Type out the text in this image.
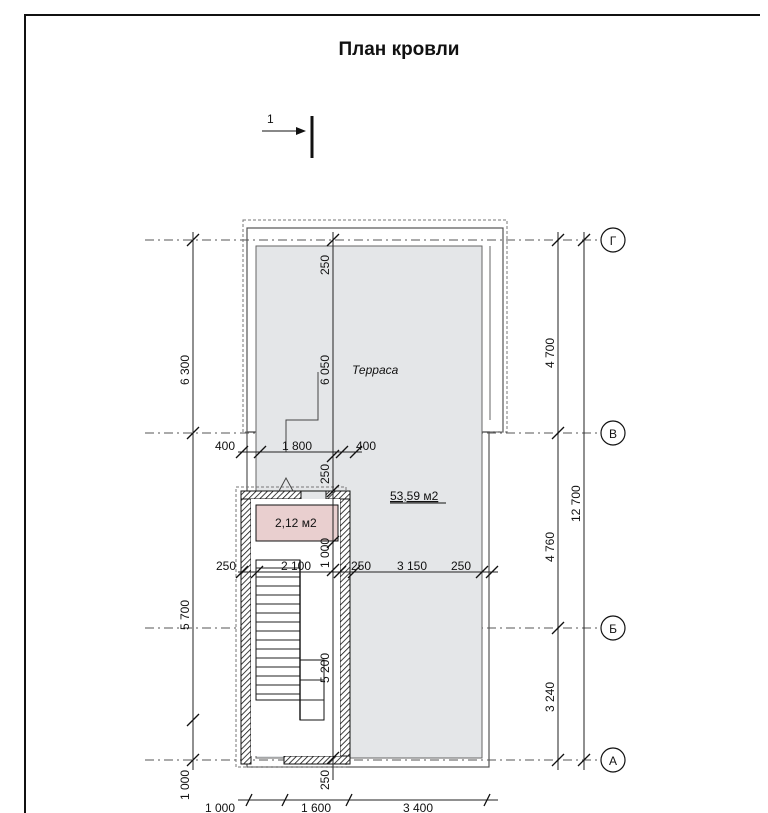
План кровли
1
2,12 м2
Терраса
53,59 м2
6 300
5 700
1 000
4 700
4 760
3 240
12 700
Г
В
Б
А
250
6 050
250
1 000
5 200
250
400	1 800	400
250	2 100	250 3 150 250
1 000	1 600	3 400
